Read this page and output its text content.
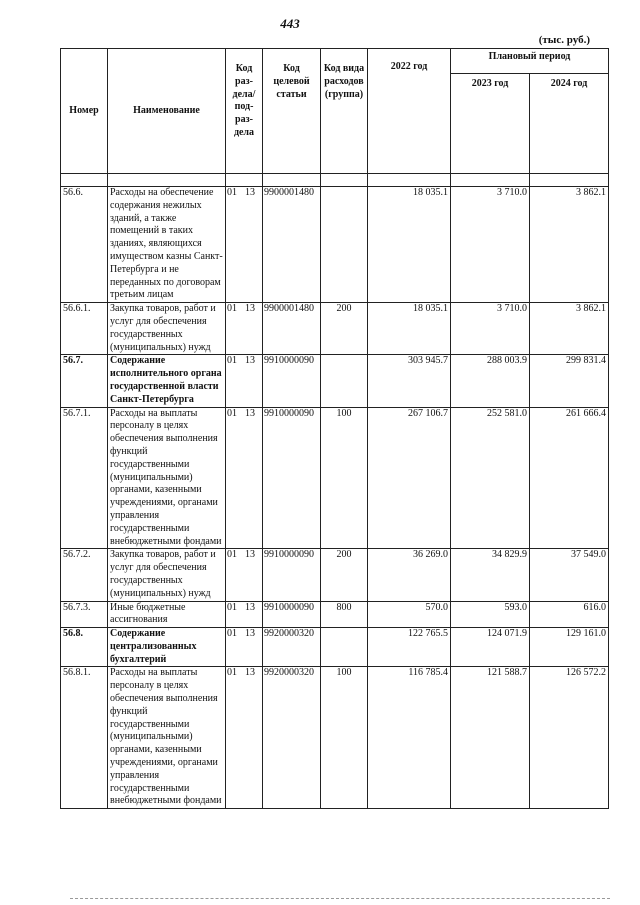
443
(тыс. руб.)
Номер	Наименование	Код раз-дела/ под-раз-дела	Код целевой статьи	Код вида расходов (группа)	2022 год	Плановый период	
						2023 год	2024 год

56.6.	Расходы на обеспечение содержания нежилых зданий, а также помещений в таких зданиях, являющихся имуществом казны Санкт-Петербурга и не переданных по договорам третьим лицам	01 13	9900001480		18 035.1	3 710.0	3 862.1
56.6.1.	Закупка товаров, работ и услуг для обеспечения государственных (муниципальных) нужд	01 13	9900001480	200	18 035.1	3 710.0	3 862.1
56.7.	Содержание исполнительного органа государственной власти Санкт-Петербурга	01 13	9910000090		303 945.7	288 003.9	299 831.4
56.7.1.	Расходы на выплаты персоналу в целях обеспечения выполнения функций государственными (муниципальными) органами, казенными учреждениями, органами управления государственными внебюджетными фондами	01 13	9910000090	100	267 106.7	252 581.0	261 666.4
56.7.2.	Закупка товаров, работ и услуг для обеспечения государственных (муниципальных) нужд	01 13	9910000090	200	36 269.0	34 829.9	37 549.0
56.7.3.	Иные бюджетные ассигнования	01 13	9910000090	800	570.0	593.0	616.0
56.8.	Содержание централизованных бухгалтерий	01 13	9920000320		122 765.5	124 071.9	129 161.0
56.8.1.	Расходы на выплаты персоналу в целях обеспечения выполнения функций государственными (муниципальными) органами, казенными учреждениями, органами управления государственными внебюджетными фондами	01 13	9920000320	100	116 785.4	121 588.7	126 572.2
